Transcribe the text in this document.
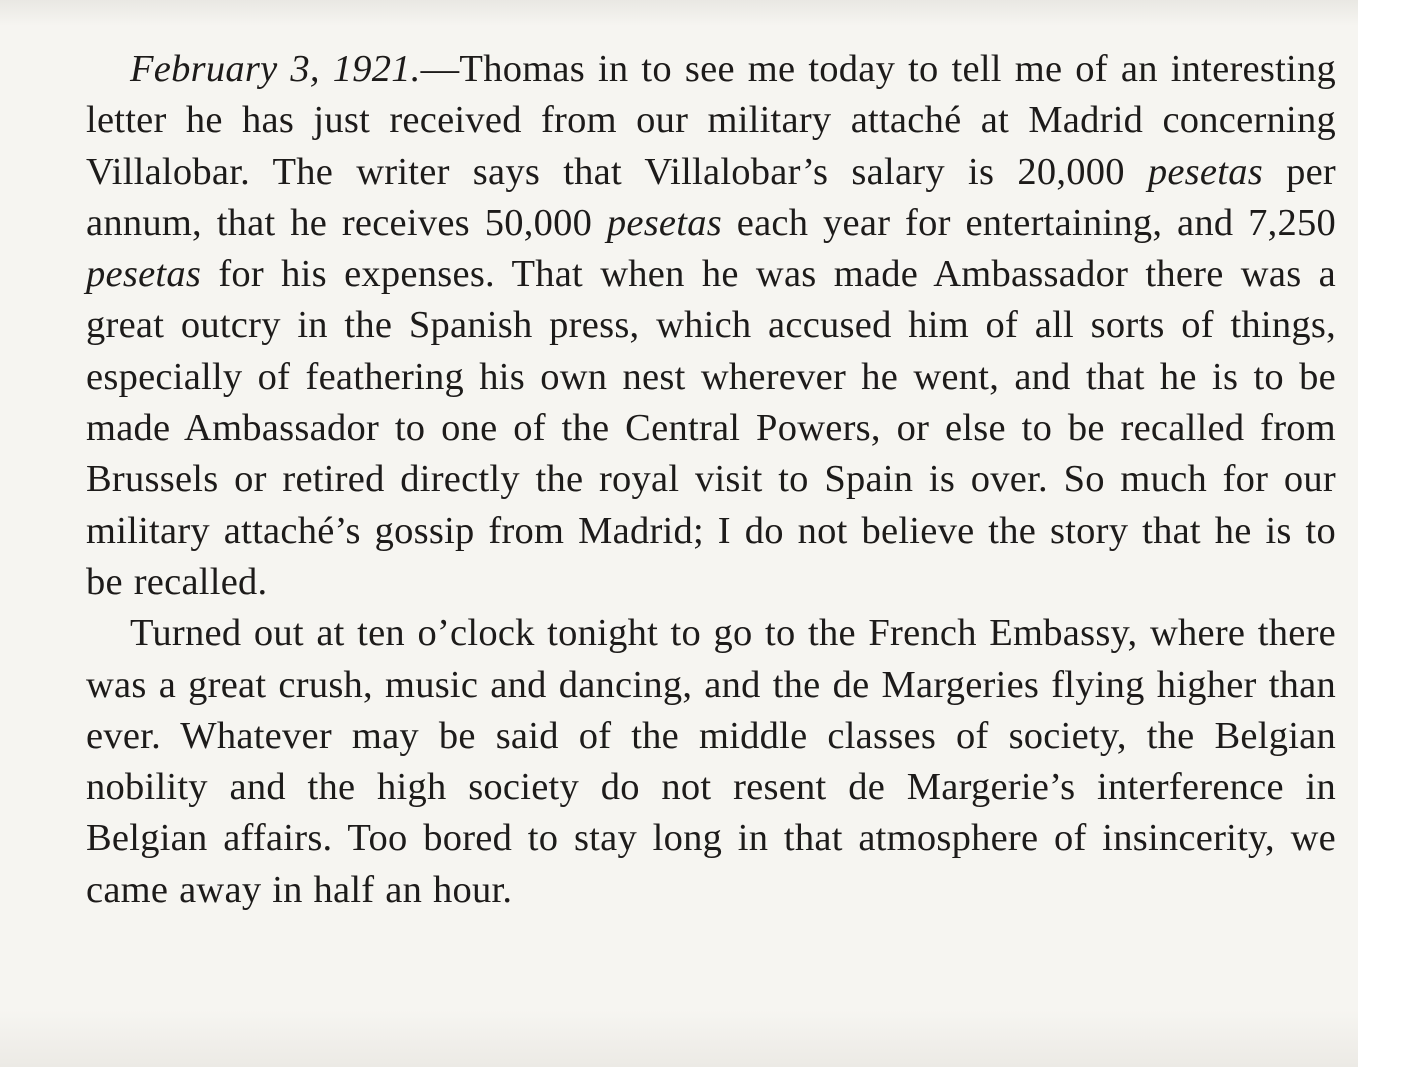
February 3, 1921.—Thomas in to see me today to tell me of an interesting letter he has just received from our military attaché at Madrid concerning Villalobar. The writer says that Villalobar’s salary is 20,000 pesetas per annum, that he receives 50,000 pesetas each year for entertaining, and 7,250 pesetas for his expenses. That when he was made Ambassador there was a great outcry in the Spanish press, which accused him of all sorts of things, especially of feathering his own nest wherever he went, and that he is to be made Ambassador to one of the Central Powers, or else to be recalled from Brussels or retired directly the royal visit to Spain is over. So much for our military attaché’s gossip from Madrid; I do not believe the story that he is to be recalled.

Turned out at ten o’clock tonight to go to the French Embassy, where there was a great crush, music and dancing, and the de Margeries flying higher than ever. Whatever may be said of the middle classes of society, the Belgian nobility and the high society do not resent de Margerie’s interference in Belgian affairs. Too bored to stay long in that atmosphere of insincerity, we came away in half an hour.
